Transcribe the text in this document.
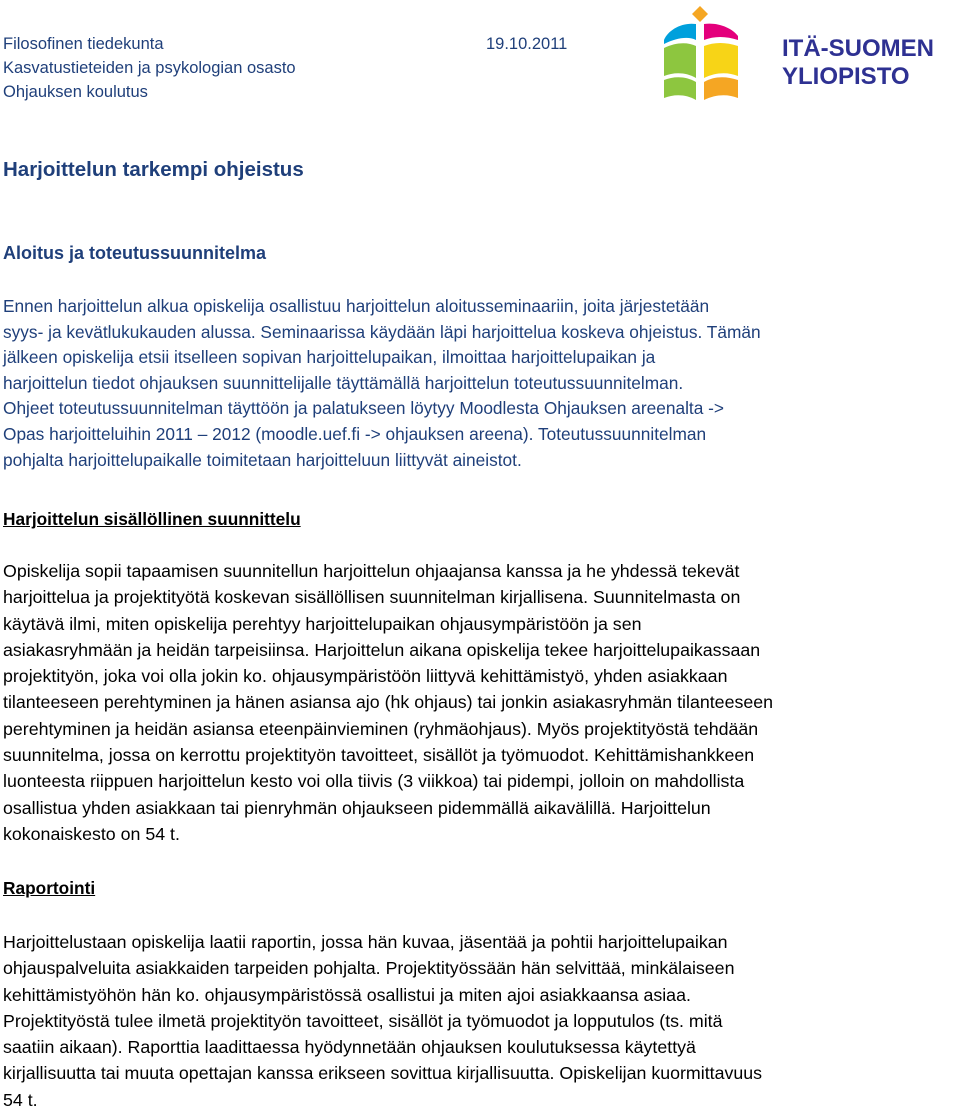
Filosofinen tiedekunta
Kasvatustieteiden ja psykologian osasto
Ohjauksen koulutus
19.10.2011	ITÄ-SUOMEN
YLIOPISTO
Harjoittelun tarkempi ohjeistus
Aloitus ja toteutussuunnitelma

Ennen harjoittelun alkua opiskelija osallistuu harjoittelun aloitusseminaariin, joita järjestetään
syys- ja kevätlukukauden alussa. Seminaarissa käydään läpi harjoittelua koskeva ohjeistus. Tämän
jälkeen opiskelija etsii itselleen sopivan harjoittelupaikan, ilmoittaa harjoittelupaikan ja
harjoittelun tiedot ohjauksen suunnittelijalle täyttämällä harjoittelun toteutussuunnitelman.
Ohjeet toteutussuunnitelman täyttöön ja palatukseen löytyy Moodlesta Ohjauksen areenalta ->
Opas harjoitteluihin 2011 – 2012 (moodle.uef.fi -> ohjauksen areena). Toteutussuunnitelman
pohjalta harjoittelupaikalle toimitetaan harjoitteluun liittyvät aineistot.

Harjoittelun sisällöllinen suunnittelu

Opiskelija sopii tapaamisen suunnitellun harjoittelun ohjaajansa kanssa ja he yhdessä tekevät
harjoittelua ja projektityötä koskevan sisällöllisen suunnitelman kirjallisena. Suunnitelmasta on
käytävä ilmi, miten opiskelija perehtyy harjoittelupaikan ohjausympäristöön ja sen
asiakasryhmään ja heidän tarpeisiinsa. Harjoittelun aikana opiskelija tekee harjoittelupaikassaan
projektityön, joka voi olla jokin ko. ohjausympäristöön liittyvä kehittämistyö, yhden asiakkaan
tilanteeseen perehtyminen ja hänen asiansa ajo (hk ohjaus) tai jonkin asiakasryhmän tilanteeseen
perehtyminen ja heidän asiansa eteenpäinvieminen (ryhmäohjaus). Myös projektityöstä tehdään
suunnitelma, jossa on kerrottu projektityön tavoitteet, sisällöt ja työmuodot. Kehittämishankkeen
luonteesta riippuen harjoittelun kesto voi olla tiivis (3 viikkoa) tai pidempi, jolloin on mahdollista
osallistua yhden asiakkaan tai pienryhmän ohjaukseen pidemmällä aikavälillä. Harjoittelun
kokonaiskesto on 54 t.

Raportointi

Harjoittelustaan opiskelija laatii raportin, jossa hän kuvaa, jäsentää ja pohtii harjoittelupaikan
ohjauspalveluita asiakkaiden tarpeiden pohjalta. Projektityössään hän selvittää, minkälaiseen
kehittämistyöhön hän ko. ohjausympäristössä osallistui ja miten ajoi asiakkaansa asiaa.
Projektityöstä tulee ilmetä projektityön tavoitteet, sisällöt ja työmuodot ja lopputulos (ts. mitä
saatiin aikaan). Raporttia laadittaessa hyödynnetään ohjauksen koulutuksessa käytettyä
kirjallisuutta tai muuta opettajan kanssa erikseen sovittua kirjallisuutta. Opiskelijan kuormittavuus
54 t.
